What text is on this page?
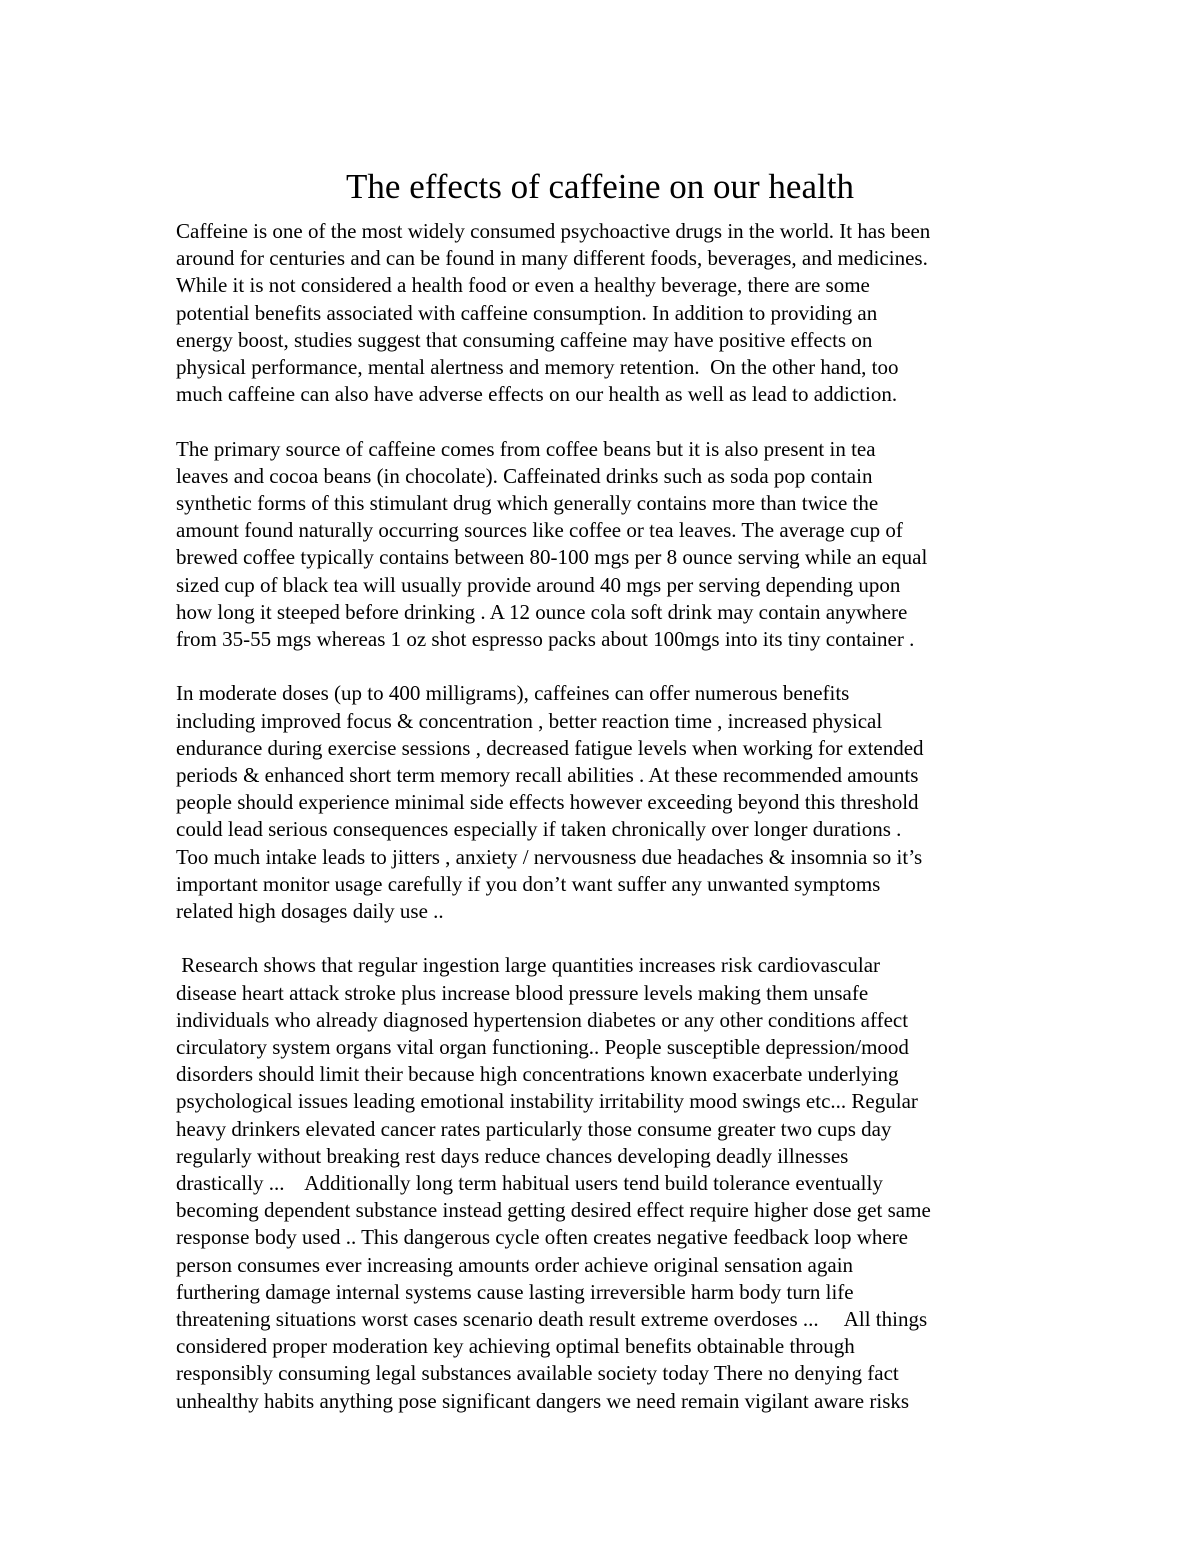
The effects of caffeine on our health

Caffeine is one of the most widely consumed psychoactive drugs in the world. It has been
around for centuries and can be found in many different foods, beverages, and medicines.
While it is not considered a health food or even a healthy beverage, there are some
potential benefits associated with caffeine consumption. In addition to providing an
energy boost, studies suggest that consuming caffeine may have positive effects on
physical performance, mental alertness and memory retention.  On the other hand, too
much caffeine can also have adverse effects on our health as well as lead to addiction.

The primary source of caffeine comes from coffee beans but it is also present in tea
leaves and cocoa beans (in chocolate). Caffeinated drinks such as soda pop contain
synthetic forms of this stimulant drug which generally contains more than twice the
amount found naturally occurring sources like coffee or tea leaves. The average cup of
brewed coffee typically contains between 80-100 mgs per 8 ounce serving while an equal
sized cup of black tea will usually provide around 40 mgs per serving depending upon
how long it steeped before drinking . A 12 ounce cola soft drink may contain anywhere
from 35-55 mgs whereas 1 oz shot espresso packs about 100mgs into its tiny container .

In moderate doses (up to 400 milligrams), caffeines can offer numerous benefits
including improved focus & concentration , better reaction time , increased physical
endurance during exercise sessions , decreased fatigue levels when working for extended
periods & enhanced short term memory recall abilities . At these recommended amounts
people should experience minimal side effects however exceeding beyond this threshold
could lead serious consequences especially if taken chronically over longer durations .
Too much intake leads to jitters , anxiety / nervousness due headaches & insomnia so it’s
important monitor usage carefully if you don’t want suffer any unwanted symptoms
related high dosages daily use ..

Research shows that regular ingestion large quantities increases risk cardiovascular
disease heart attack stroke plus increase blood pressure levels making them unsafe
individuals who already diagnosed hypertension diabetes or any other conditions affect
circulatory system organs vital organ functioning.. People susceptible depression/mood
disorders should limit their because high concentrations known exacerbate underlying
psychological issues leading emotional instability irritability mood swings etc... Regular
heavy drinkers elevated cancer rates particularly those consume greater two cups day
regularly without breaking rest days reduce chances developing deadly illnesses
drastically ...    Additionally long term habitual users tend build tolerance eventually
becoming dependent substance instead getting desired effect require higher dose get same
response body used .. This dangerous cycle often creates negative feedback loop where
person consumes ever increasing amounts order achieve original sensation again
furthering damage internal systems cause lasting irreversible harm body turn life
threatening situations worst cases scenario death result extreme overdoses ...     All things
considered proper moderation key achieving optimal benefits obtainable through
responsibly consuming legal substances available society today There no denying fact
unhealthy habits anything pose significant dangers we need remain vigilant aware risks
